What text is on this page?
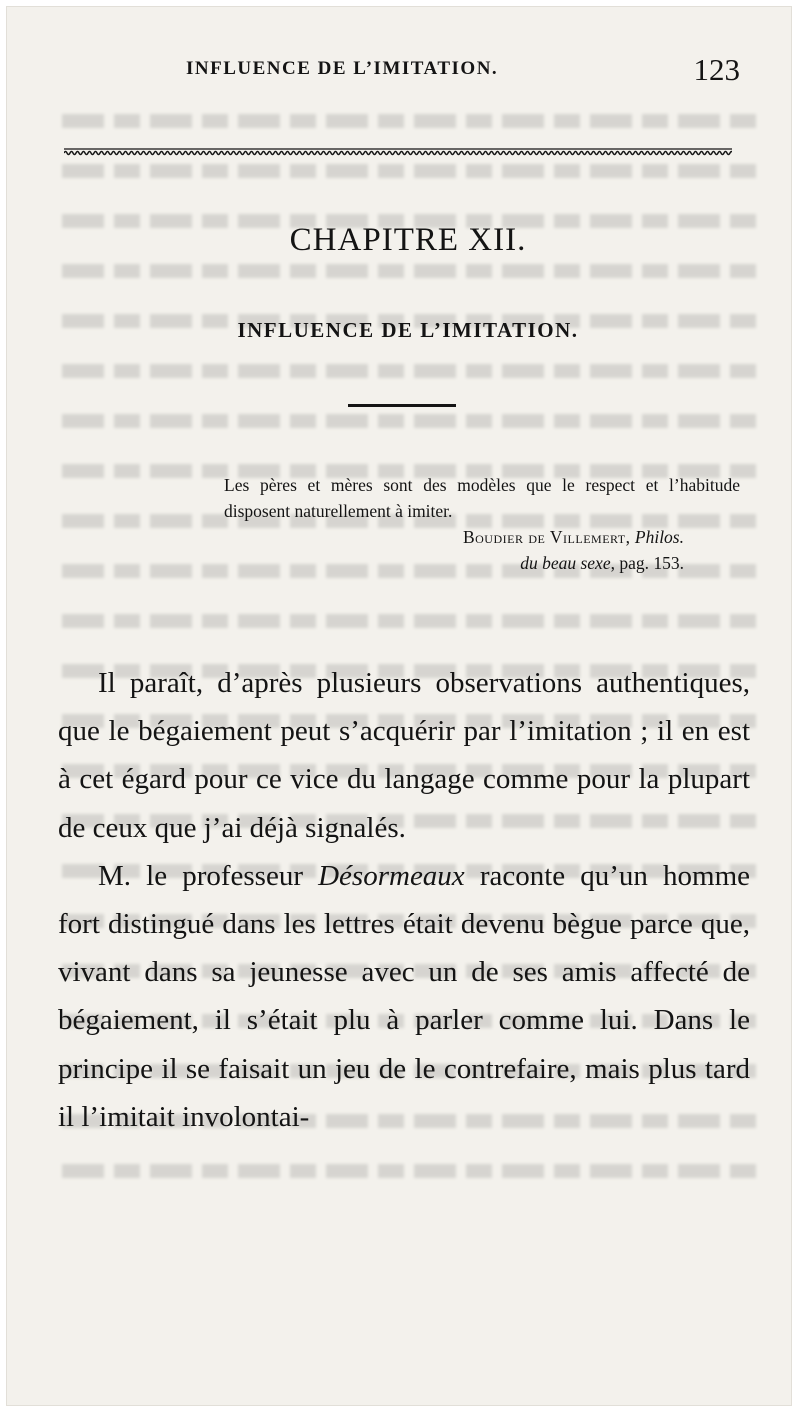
INFLUENCE DE L’IMITATION.	123
CHAPITRE XII.
INFLUENCE DE L’IMITATION.

Les pères et mères sont des modèles que le respect et l’habitude disposent naturellement à imiter.

Boudier de Villemert, Philos.
du beau sexe, pag. 153.

Il paraît, d’après plusieurs observations authentiques, que le bégaiement peut s’acquérir par l’imitation ; il en est à cet égard pour ce vice du langage comme pour la plupart de ceux que j’ai déjà signalés.

M. le professeur Désormeaux raconte qu’un homme fort distingué dans les lettres était devenu bègue parce que, vivant dans sa jeunesse avec un de ses amis affecté de bégaiement, il s’était plu à parler comme lui. Dans le principe il se faisait un jeu de le contrefaire, mais plus tard il l’imitait involontai-
